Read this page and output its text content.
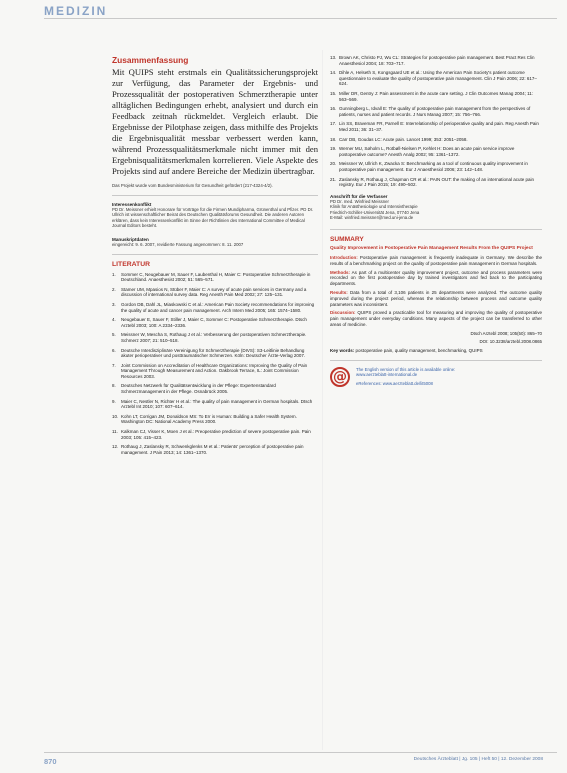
MEDIZIN
Zusammenfassung

Mit QUIPS steht erstmals ein Qualitätssicherungsprojekt zur Verfügung, das Parameter der Ergebnis- und Prozessqualität der postoperativen Schmerztherapie unter alltäglichen Bedingungen erhebt, analysiert und durch ein Feedback zeitnah rückmeldet. Vergleich erlaubt. Die Ergebnisse der Pilotphase zeigen, dass mithilfe des Projekts die Ergebnisqualität messbar verbessert werden kann, während Prozessqualitätsmerkmale nicht immer mit den Ergebnisqualitätsmerkmalen korrelieren. Viele Aspekte des Projekts sind auf andere Bereiche der Medizin übertragbar.

Das Projekt wurde vom Bundesministerium für Gesundheit gefördert (217-4324-4/2).

Interessenkonflikt

PD Dr. Meissner erhielt Honorare für Vorträge für die Firmen Mundipharma, Grünenthal und Pfizer. PD Dr. Ullrich ist wissenschaftlicher Beirat des Deutschen Qualitätsforums Gesundheit. Die anderen Autoren erklären, dass kein Interessenkonflikt im Sinne der Richtlinien des International Committee of Medical Journal Editors besteht.

Manuskriptdaten

eingereicht: 9. 6. 2007, revidierte Fassung angenommen: 8. 11. 2007

LITERATUR
1.	Sommer C, Neugebauer M, Sauer F, Laubenthal H, Maier C: Postoperative Schmerztherapie in Deutschland. Anaesthesist 2002; 51: 565–571.
2.	Stamer UM, Mpasios N, Stüber F, Maier C: A survey of acute pain services in Germany and a discussion of international survey data. Reg Anesth Pain Med 2002; 27: 125–131.
3.	Gordon DB, Dahl JL, Miaskowski C et al.: American Pain Society recommendations for improving the quality of acute and cancer pain management. Arch Intern Med 2005; 165: 1574–1580.
4.	Neugebauer E, Sauer F, Stiller J, Maier C, Sommer C: Postoperative Schmerztherapie. Dtsch Arztebl 2003; 100: A 2334–2336.
5.	Meissner W, Mescha S, Rothaug J et al.: Verbesserung der postoperativen Schmerztherapie. Schmerz 2007; 21: 510–518.
6.	Deutsche Interdisziplinäre Vereinigung für Schmerztherapie (DIVS): S3-Leitlinie Behandlung akuter perioperativer und posttraumatischer Schmerzen. Köln: Deutscher Ärzte-Verlag 2007.
7.	Joint Commission on Accreditation of Healthcare Organizations: Improving the Quality of Pain Management Through Measurement and Action. Oakbrook Terrace, IL: Joint Commission Resources 2003.
8.	Deutsches Netzwerk für Qualitätsentwicklung in der Pflege: Expertenstandard Schmerzmanagement in der Pflege. Osnabrück 2005.
9.	Maier C, Nestler N, Richter H et al.: The quality of pain management in German hospitals. Dtsch Arztebl Int 2010; 107: 607–614.
10. Kohn LT, Corrigan JM, Donaldson MS: To Err is Human: Building a Safer Health System. Washington DC: National Academy Press 2000.
11. Kalkman CJ, Visser K, Moen J et al.: Preoperative prediction of severe postoperative pain. Pain 2003; 105: 415–423.
12. Rothaug J, Zaslansky R, Schwenkglenks M et al.: Patients' perception of postoperative pain management. J Pain 2013; 14: 1361–1370.
13. Brown AK, Christo PJ, Wu CL: Strategies for postoperative pain management. Best Pract Res Clin Anaesthesiol 2004; 18: 703–717.
14. Dihle A, Helseth S, Kongsgaard UE et al.: Using the American Pain Society's patient outcome questionnaire to evaluate the quality of postoperative pain management. Clin J Pain 2006; 22: 617–624.
15. Miller DR, Gentry J: Pain assessment in the acute care setting. J Clin Outcomes Manag 2004; 11: 563–569.
16. Gunningberg L, Idvall E: The quality of postoperative pain management from the perspectives of patients, nurses and patient records. J Nurs Manag 2007; 15: 756–766.
17. Lin SS, Braveman FR, Parnell E: Interrelationship of perioperative quality and pain. Reg Anesth Pain Med 2011; 36: 31–37.
18. Carr DB, Goudas LC: Acute pain. Lancet 1999; 353: 2051–2058.
19. Werner MU, Søholm L, Rotbøll-Nielsen P, Kehlet H: Does an acute pain service improve postoperative outcome? Anesth Analg 2002; 95: 1361–1372.
20. Meissner W, Ullrich K, Zwacka S: Benchmarking as a tool of continuous quality improvement in postoperative pain management. Eur J Anaesthesiol 2006; 23: 142–148.
21. Zaslansky R, Rothaug J, Chapman CR et al.: PAIN OUT: the making of an international acute pain registry. Eur J Pain 2015; 19: 490–502.
Anschrift für die Verfasser
PD Dr. med. Winfried Meissner
Klinik für Anästhesiologie und Intensivtherapie
Friedrich-Schiller-Universität Jena, 07740 Jena
E-Mail: winfried.meissner@med.uni-jena.de
SUMMARY
Quality Improvement in Postoperative Pain Management Results From the QUIPS Project

Introduction: Postoperative pain management is frequently inadequate in Germany. We describe the results of a benchmarking project on the quality of postoperative pain management in German hospitals.

Methods: As part of a multicenter quality improvement project, outcome and process parameters were recorded on the first postoperative day by trained investigators and fed back to the participating departments.

Results: Data from a total of 3,106 patients in 25 departments were analyzed. The outcome quality improved during the project period, whereas the relationship between process and outcome quality parameters was inconsistent.

Discussion: QUIPS proved a practicable tool for measuring and improving the quality of postoperative pain management under everyday conditions. Many aspects of the project can be transferred to other areas of medicine.

Dtsch Arztebl 2008; 105(50): 865–70
DOI: 10.3238/arztebl.2008.0865

Key words: postoperative pain, quality management, benchmarking, QUIPS

@	The English version of this article is available online:
www.aerzteblatt-international.de
eReferences: www.aerzteblatt.de/lit5008
870	Deutsches Ärzteblatt | Jg. 105 | Heft 50 | 12. Dezember 2008
